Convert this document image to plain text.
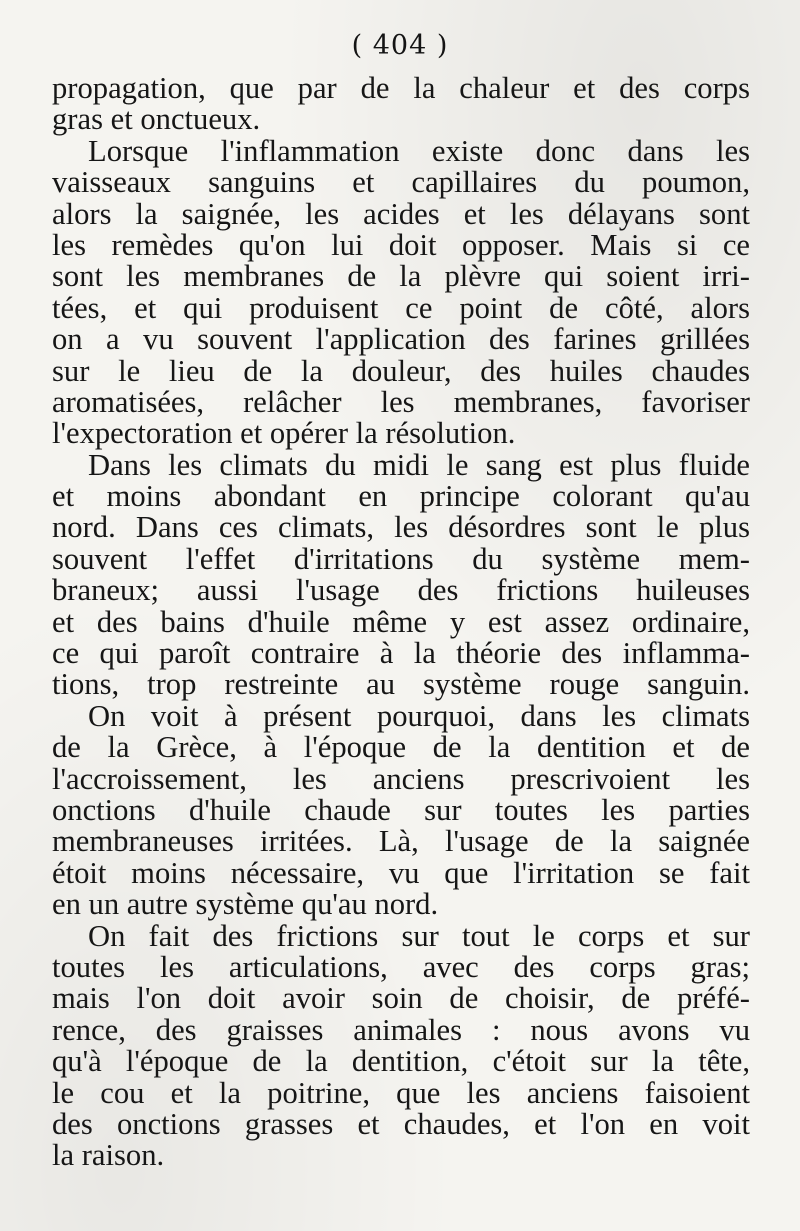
( 404 )

propagation, que par de la chaleur et des corps
gras et onctueux.

Lorsque l'inflammation existe donc dans les
vaisseaux sanguins et capillaires du poumon,
alors la saignée, les acides et les délayans sont
les remèdes qu'on lui doit opposer. Mais si ce
sont les membranes de la plèvre qui soient irri-
tées, et qui produisent ce point de côté, alors
on a vu souvent l'application des farines grillées
sur le lieu de la douleur, des huiles chaudes
aromatisées, relâcher les membranes, favoriser
l'expectoration et opérer la résolution.

Dans les climats du midi le sang est plus fluide
et moins abondant en principe colorant qu'au
nord. Dans ces climats, les désordres sont le plus
souvent l'effet d'irritations du système mem-
braneux; aussi l'usage des frictions huileuses
et des bains d'huile même y est assez ordinaire,
ce qui paroît contraire à la théorie des inflamma-
tions, trop restreinte au système rouge sanguin.

On voit à présent pourquoi, dans les climats
de la Grèce, à l'époque de la dentition et de
l'accroissement, les anciens prescrivoient les
onctions d'huile chaude sur toutes les parties
membraneuses irritées. Là, l'usage de la saignée
étoit moins nécessaire, vu que l'irritation se fait
en un autre système qu'au nord.

On fait des frictions sur tout le corps et sur
toutes les articulations, avec des corps gras;
mais l'on doit avoir soin de choisir, de préfé-
rence, des graisses animales : nous avons vu
qu'à l'époque de la dentition, c'étoit sur la tête,
le cou et la poitrine, que les anciens faisoient
des onctions grasses et chaudes, et l'on en voit
la raison.
